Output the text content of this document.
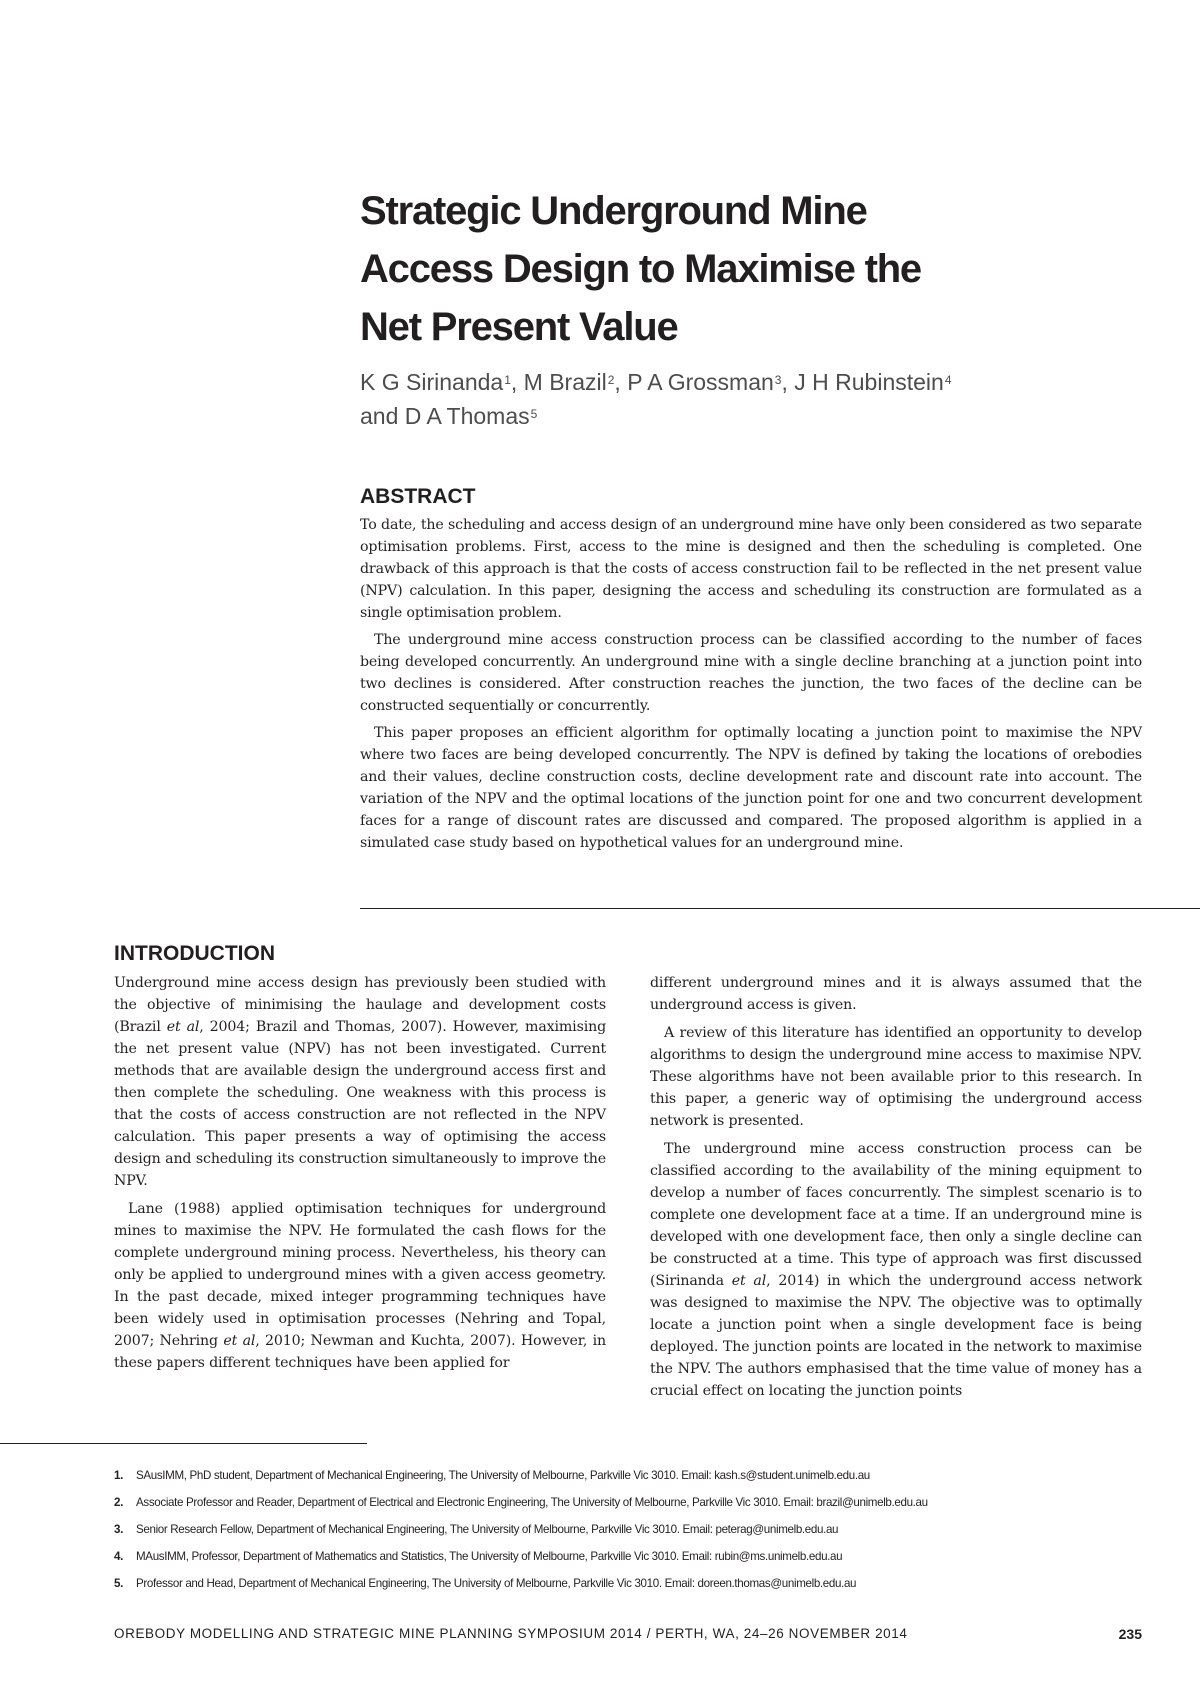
Strategic Underground Mine
Access Design to Maximise the
Net Present Value
K G Sirinanda$^1$, M Brazil$^2$, P A Grossman$^3$, J H Rubinstein$^4$
and D A Thomas$^5$
ABSTRACT

To date, the scheduling and access design of an underground mine have only been considered as two separate optimisation problems. First, access to the mine is designed and then the scheduling is completed. One drawback of this approach is that the costs of access construction fail to be reflected in the net present value (NPV) calculation. In this paper, designing the access and scheduling its construction are formulated as a single optimisation problem.

The underground mine access construction process can be classified according to the number of faces being developed concurrently. An underground mine with a single decline branching at a junction point into two declines is considered. After construction reaches the junction, the two faces of the decline can be constructed sequentially or concurrently.

This paper proposes an efficient algorithm for optimally locating a junction point to maximise the NPV where two faces are being developed concurrently. The NPV is defined by taking the locations of orebodies and their values, decline construction costs, decline development rate and discount rate into account. The variation of the NPV and the optimal locations of the junction point for one and two concurrent development faces for a range of discount rates are discussed and compared. The proposed algorithm is applied in a simulated case study based on hypothetical values for an underground mine.

INTRODUCTION

Underground mine access design has previously been studied with the objective of minimising the haulage and development costs (Brazil et al, 2004; Brazil and Thomas, 2007). However, maximising the net present value (NPV) has not been investigated. Current methods that are available design the underground access first and then complete the scheduling. One weakness with this process is that the costs of access construction are not reflected in the NPV calculation. This paper presents a way of optimising the access design and scheduling its construction simultaneously to improve the NPV.

Lane (1988) applied optimisation techniques for underground mines to maximise the NPV. He formulated the cash flows for the complete underground mining process. Nevertheless, his theory can only be applied to underground mines with a given access geometry. In the past decade, mixed integer programming techniques have been widely used in optimisation processes (Nehring and Topal, 2007; Nehring et al, 2010; Newman and Kuchta, 2007). However, in these papers different techniques have been applied for

different underground mines and it is always assumed that the underground access is given.

A review of this literature has identified an opportunity to develop algorithms to design the underground mine access to maximise NPV. These algorithms have not been available prior to this research. In this paper, a generic way of optimising the underground access network is presented.

The underground mine access construction process can be classified according to the availability of the mining equipment to develop a number of faces concurrently. The simplest scenario is to complete one development face at a time. If an underground mine is developed with one development face, then only a single decline can be constructed at a time. This type of approach was first discussed (Sirinanda et al, 2014) in which the underground access network was designed to maximise the NPV. The objective was to optimally locate a junction point when a single development face is being deployed. The junction points are located in the network to maximise the NPV. The authors emphasised that the time value of money has a crucial effect on locating the junction points

1.	SAusIMM, PhD student, Department of Mechanical Engineering, The University of Melbourne, Parkville Vic 3010. Email: kash.s@student.unimelb.edu.au
2.	Associate Professor and Reader, Department of Electrical and Electronic Engineering, The University of Melbourne, Parkville Vic 3010. Email: brazil@unimelb.edu.au
3.	Senior Research Fellow, Department of Mechanical Engineering, The University of Melbourne, Parkville Vic 3010. Email: peterag@unimelb.edu.au
4.	MAusIMM, Professor, Department of Mathematics and Statistics, The University of Melbourne, Parkville Vic 3010. Email: rubin@ms.unimelb.edu.au
5.	Professor and Head, Department of Mechanical Engineering, The University of Melbourne, Parkville Vic 3010. Email: doreen.thomas@unimelb.edu.au
OREBODY MODELLING AND STRATEGIC MINE PLANNING SYMPOSIUM 2014 / PERTH, WA, 24–26 NOVEMBER 2014	235
